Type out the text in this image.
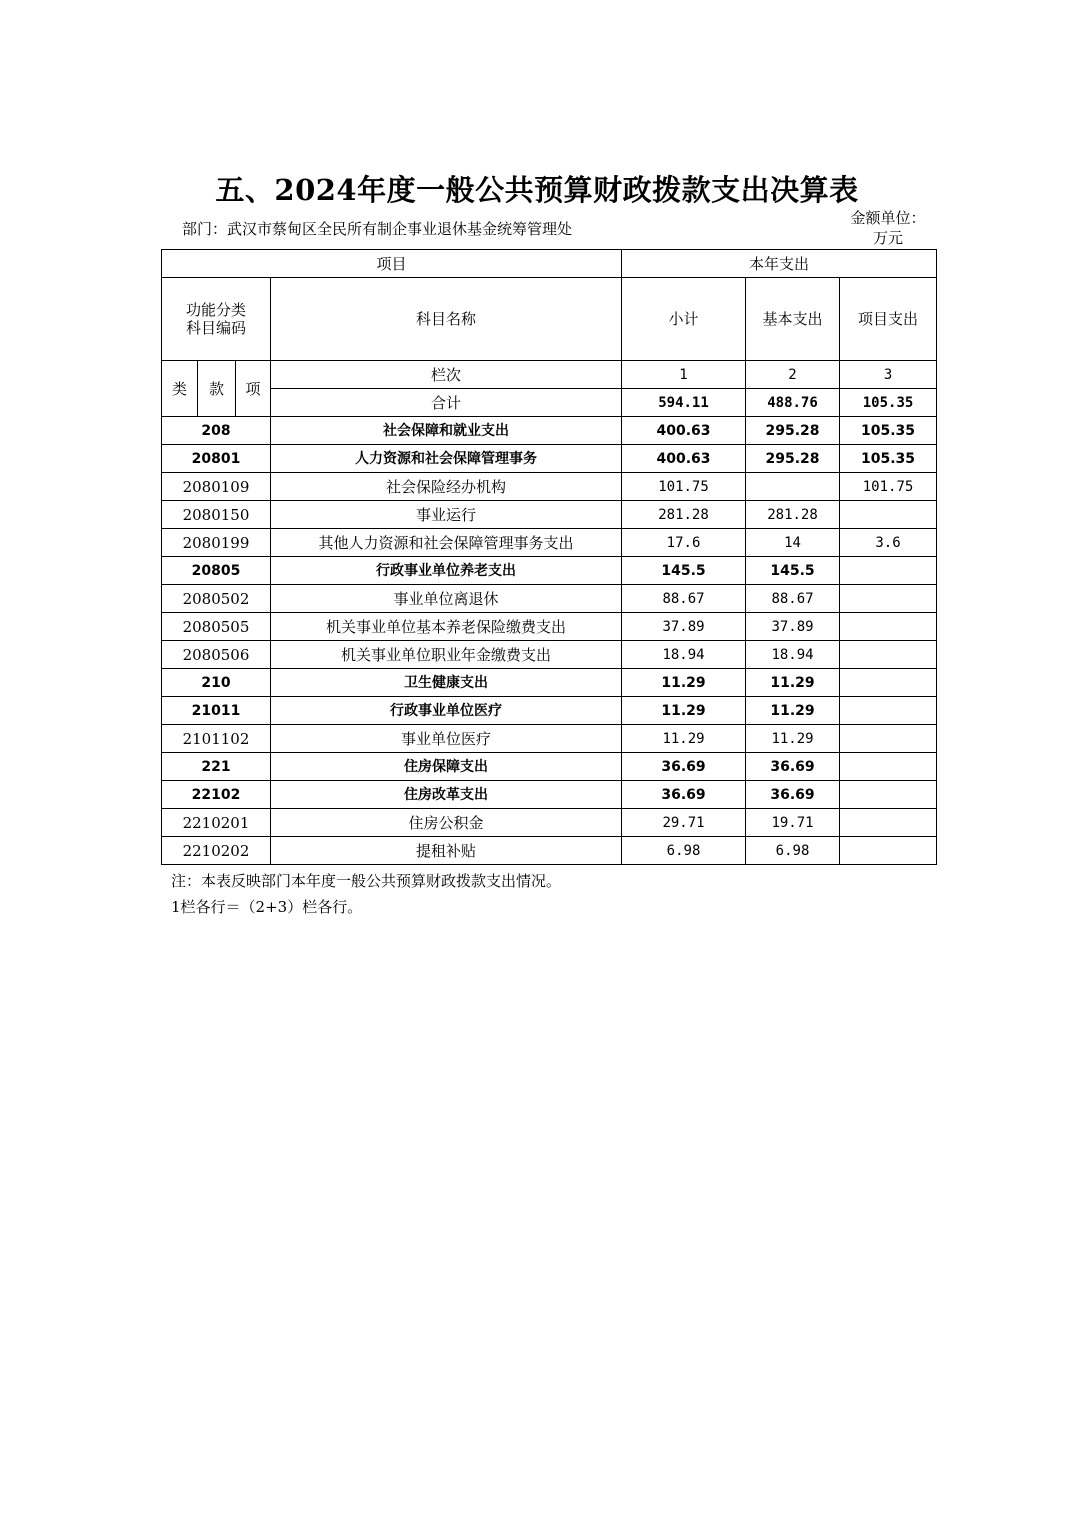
五、2024年度一般公共预算财政拨款支出决算表
部门：武汉市蔡甸区全民所有制企事业退休基金统筹管理处
金额单位：
万元
项目				本年支出		
功能分类
科目编码			科目名称	小计	基本支出	项目支出
类	款	项	栏次	1	2	3
			合计	594.11	488.76	105.35
208			社会保障和就业支出	400.63	295.28	105.35
20801			人力资源和社会保障管理事务	400.63	295.28	105.35
2080109			社会保险经办机构	101.75		101.75
2080150			事业运行	281.28	281.28	
2080199			其他人力资源和社会保障管理事务支出	17.6	14	3.6
20805			行政事业单位养老支出	145.5	145.5	
2080502			事业单位离退休	88.67	88.67	
2080505			机关事业单位基本养老保险缴费支出	37.89	37.89	
2080506			机关事业单位职业年金缴费支出	18.94	18.94	
210			卫生健康支出	11.29	11.29	
21011			行政事业单位医疗	11.29	11.29	
2101102			事业单位医疗	11.29	11.29	
221			住房保障支出	36.69	36.69	
22102			住房改革支出	36.69	36.69	
2210201			住房公积金	29.71	19.71	
2210202			提租补贴	6.98	6.98	
注：本表反映部门本年度一般公共预算财政拨款支出情况。
1栏各行＝（2+3）栏各行。
